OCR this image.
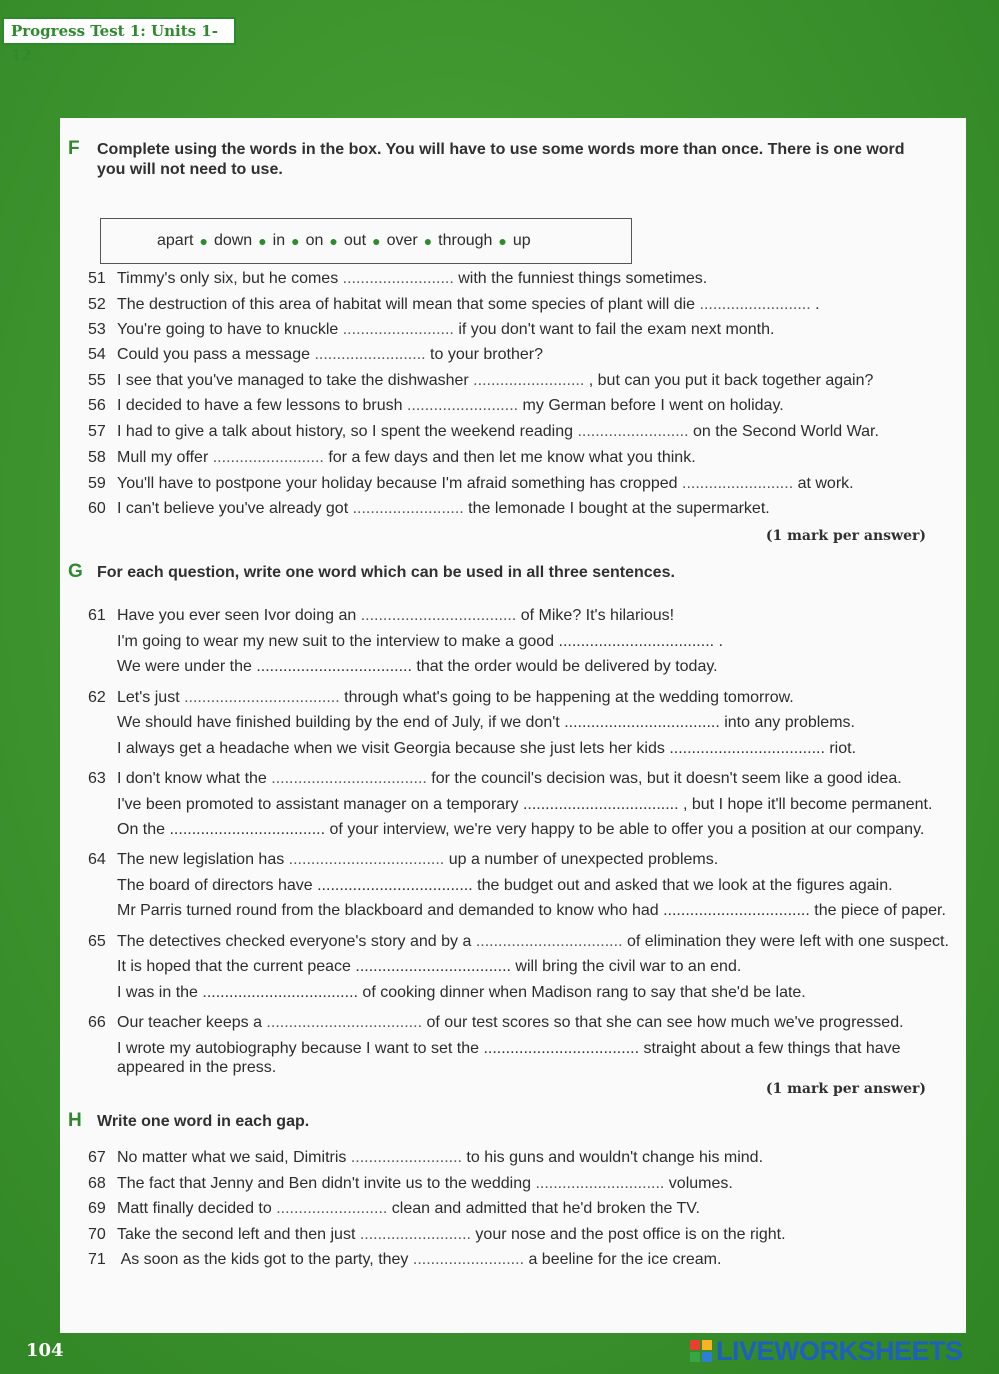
Progress Test 1: Units 1-12
F Complete using the words in the box. You will have to use some words more than once. There is one word you will not need to use.
apart ● down ● in ● on ● out ● over ● through ● up
51 Timmy's only six, but he comes ......................... with the funniest things sometimes.
52 The destruction of this area of habitat will mean that some species of plant will die ......................... .
53 You're going to have to knuckle ......................... if you don't want to fail the exam next month.
54 Could you pass a message ......................... to your brother?
55 I see that you've managed to take the dishwasher ......................... , but can you put it back together again?
56 I decided to have a few lessons to brush ......................... my German before I went on holiday.
57 I had to give a talk about history, so I spent the weekend reading ......................... on the Second World War.
58 Mull my offer ......................... for a few days and then let me know what you think.
59 You'll have to postpone your holiday because I'm afraid something has cropped ......................... at work.
60 I can't believe you've already got ......................... the lemonade I bought at the supermarket.
(1 mark per answer)
G For each question, write one word which can be used in all three sentences.
61 Have you ever seen Ivor doing an ................................... of Mike? It's hilarious!
I'm going to wear my new suit to the interview to make a good ................................... .
We were under the ................................... that the order would be delivered by today.
62 Let's just ................................... through what's going to be happening at the wedding tomorrow.
We should have finished building by the end of July, if we don't ................................... into any problems.
I always get a headache when we visit Georgia because she just lets her kids ................................... riot.
63 I don't know what the ................................... for the council's decision was, but it doesn't seem like a good idea.
I've been promoted to assistant manager on a temporary ................................... , but I hope it'll become permanent.
On the ................................... of your interview, we're very happy to be able to offer you a position at our company.
64 The new legislation has ................................... up a number of unexpected problems.
The board of directors have ................................... the budget out and asked that we look at the figures again.
Mr Parris turned round from the blackboard and demanded to know who had ................................. the piece of paper.
65 The detectives checked everyone's story and by a ................................. of elimination they were left with one suspect.
It is hoped that the current peace ................................... will bring the civil war to an end.
I was in the ................................... of cooking dinner when Madison rang to say that she'd be late.
66 Our teacher keeps a ................................... of our test scores so that she can see how much we've progressed.
I wrote my autobiography because I want to set the ................................... straight about a few things that have appeared in the press.
(1 mark per answer)
H Write one word in each gap.
67 No matter what we said, Dimitris ......................... to his guns and wouldn't change his mind.
68 The fact that Jenny and Ben didn't invite us to the wedding ............................. volumes.
69 Matt finally decided to ......................... clean and admitted that he'd broken the TV.
70 Take the second left and then just ......................... your nose and the post office is on the right.
71 As soon as the kids got to the party, they ......................... a beeline for the ice cream.
104	LIVEWORKSHEETS
